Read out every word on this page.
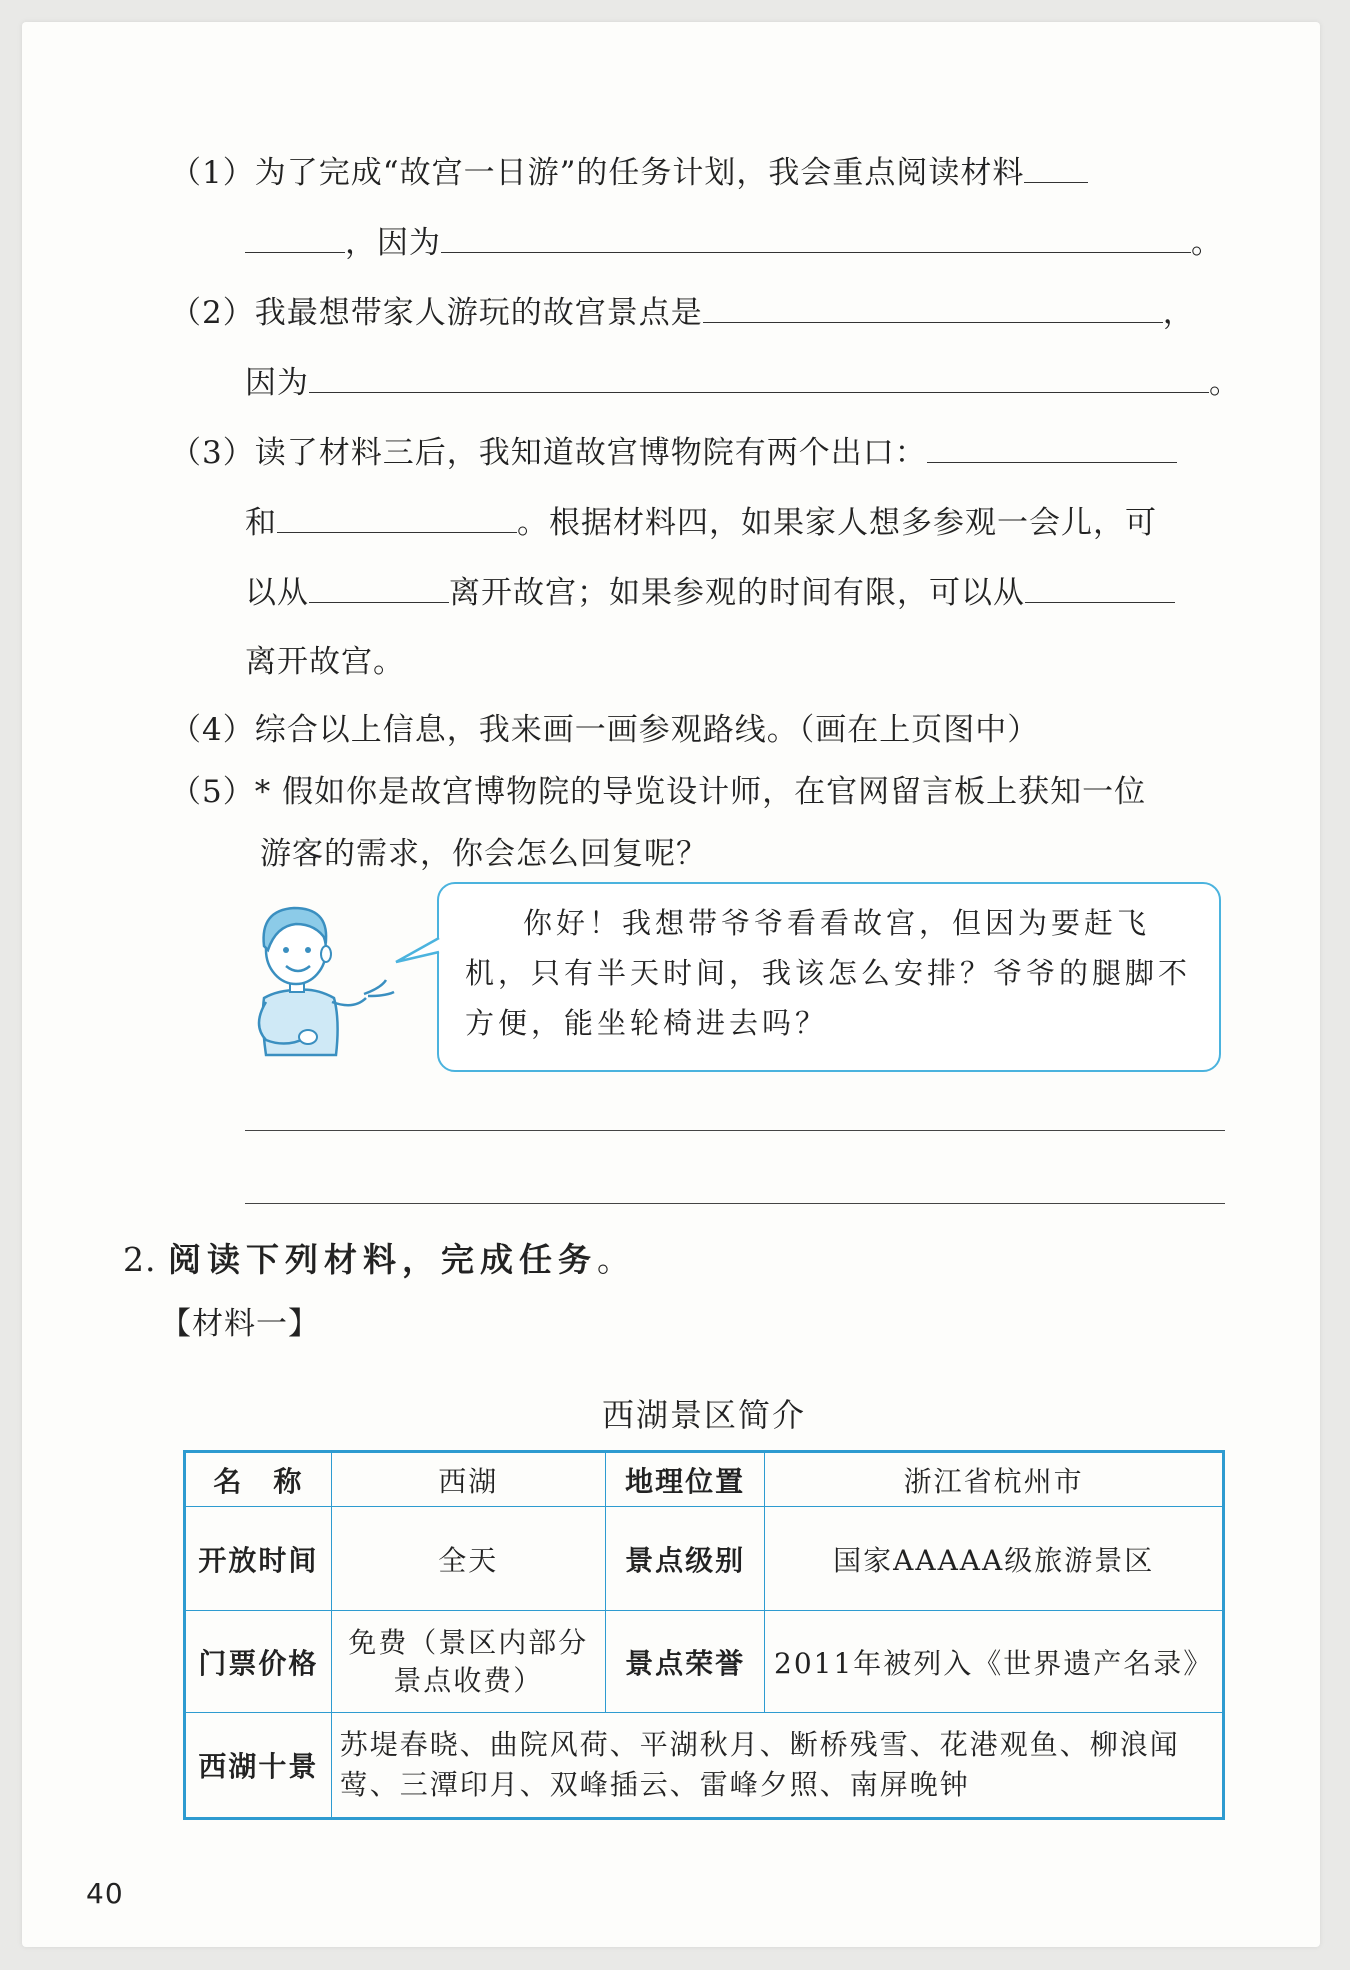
（1）为了完成“故宫一日游”的任务计划，我会重点阅读材料
，因为	。
（2）我最想带家人游玩的故宫景点是	，
因为	。
（3）读了材料三后，我知道故宫博物院有两个出口：
和	。根据材料四，如果家人想多参观一会儿，可
以从	离开故宫；如果参观的时间有限，可以从
离开故宫。
（4）综合以上信息，我来画一画参观路线。（画在上页图中）
（5）* 假如你是故宫博物院的导览设计师，在官网留言板上获知一位
游客的需求，你会怎么回复呢？
你好！我想带爷爷看看故宫，但因为要赶飞机，只有半天时间，我该怎么安排？爷爷的腿脚不方便，能坐轮椅进去吗？
2. 阅读下列材料，完成任务。
【材料一】
西湖景区简介
名　称	西湖	地理位置	浙江省杭州市
开放时间	全天	景点级别	国家AAAAA级旅游景区
门票价格	免费（景区内部分景点收费）	景点荣誉	2011年被列入《世界遗产名录》
西湖十景	苏堤春晓、曲院风荷、平湖秋月、断桥残雪、花港观鱼、柳浪闻莺、三潭印月、双峰插云、雷峰夕照、南屏晚钟		
40
